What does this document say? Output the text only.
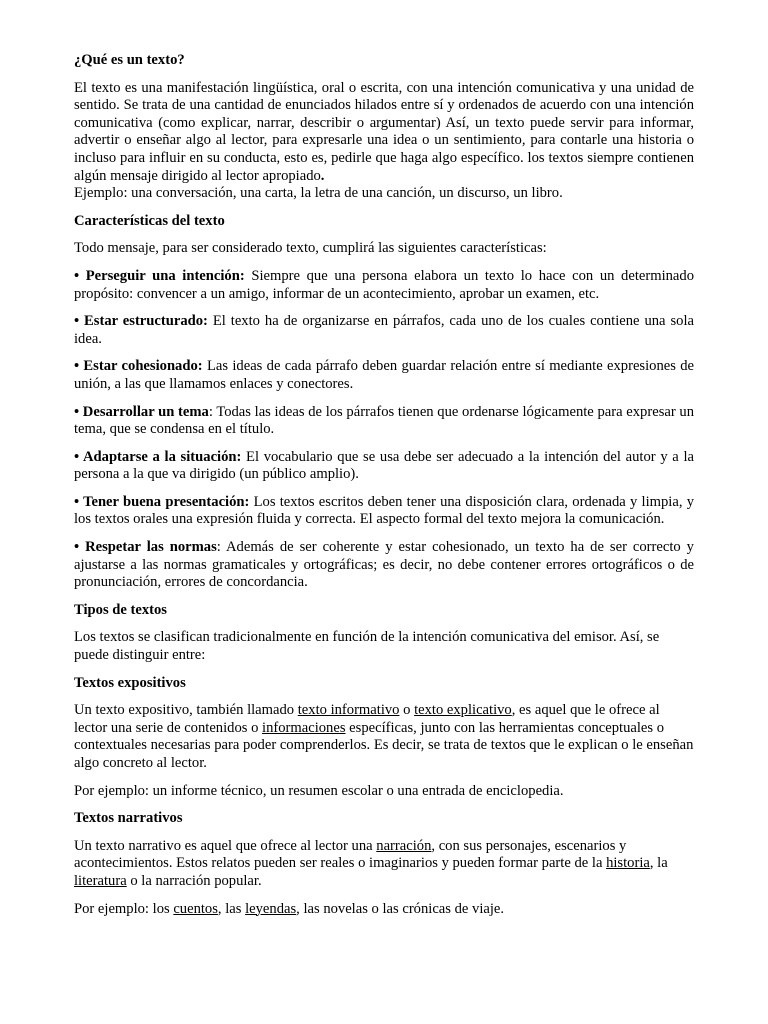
¿Qué es un texto?

El texto es una manifestación lingüística, oral o escrita, con una intención comunicativa y una unidad de sentido. Se trata de una cantidad de enunciados hilados entre sí y ordenados de acuerdo con una intención comunicativa (como explicar, narrar, describir o argumentar) Así, un texto puede servir para informar, advertir o enseñar algo al lector, para expresarle una idea o un sentimiento, para contarle una historia o incluso para influir en su conducta, esto es, pedirle que haga algo específico. los textos siempre contienen algún mensaje dirigido al lector apropiado.

Ejemplo: una conversación, una carta, la letra de una canción, un discurso, un libro.

Características del texto

Todo mensaje, para ser considerado texto, cumplirá las siguientes características:

• Perseguir una intención: Siempre que una persona elabora un texto lo hace con un determinado propósito: convencer a un amigo, informar de un acontecimiento, aprobar un examen, etc.

• Estar estructurado: El texto ha de organizarse en párrafos, cada uno de los cuales contiene una sola idea.

• Estar cohesionado: Las ideas de cada párrafo deben guardar relación entre sí mediante expresiones de unión, a las que llamamos enlaces y conectores.

• Desarrollar un tema: Todas las ideas de los párrafos tienen que ordenarse lógicamente para expresar un tema, que se condensa en el título.

• Adaptarse a la situación: El vocabulario que se usa debe ser adecuado a la intención del autor y a la persona a la que va dirigido (un público amplio).

• Tener buena presentación: Los textos escritos deben tener una disposición clara, ordenada y limpia, y los textos orales una expresión fluida y correcta. El aspecto formal del texto mejora la comunicación.

• Respetar las normas: Además de ser coherente y estar cohesionado, un texto ha de ser correcto y ajustarse a las normas gramaticales y ortográficas; es decir, no debe contener errores ortográficos o de pronunciación, errores de concordancia.

Tipos de textos

Los textos se clasifican tradicionalmente en función de la intención comunicativa del emisor. Así, se puede distinguir entre:

Textos expositivos

Un texto expositivo, también llamado texto informativo o texto explicativo, es aquel que le ofrece al lector una serie de contenidos o informaciones específicas, junto con las herramientas conceptuales o contextuales necesarias para poder comprenderlos. Es decir, se trata de textos que le explican o le enseñan algo concreto al lector.

Por ejemplo: un informe técnico, un resumen escolar o una entrada de enciclopedia.

Textos narrativos

Un texto narrativo es aquel que ofrece al lector una narración, con sus personajes, escenarios y acontecimientos. Estos relatos pueden ser reales o imaginarios y pueden formar parte de la historia, la literatura o la narración popular.

Por ejemplo: los cuentos, las leyendas, las novelas o las crónicas de viaje.
